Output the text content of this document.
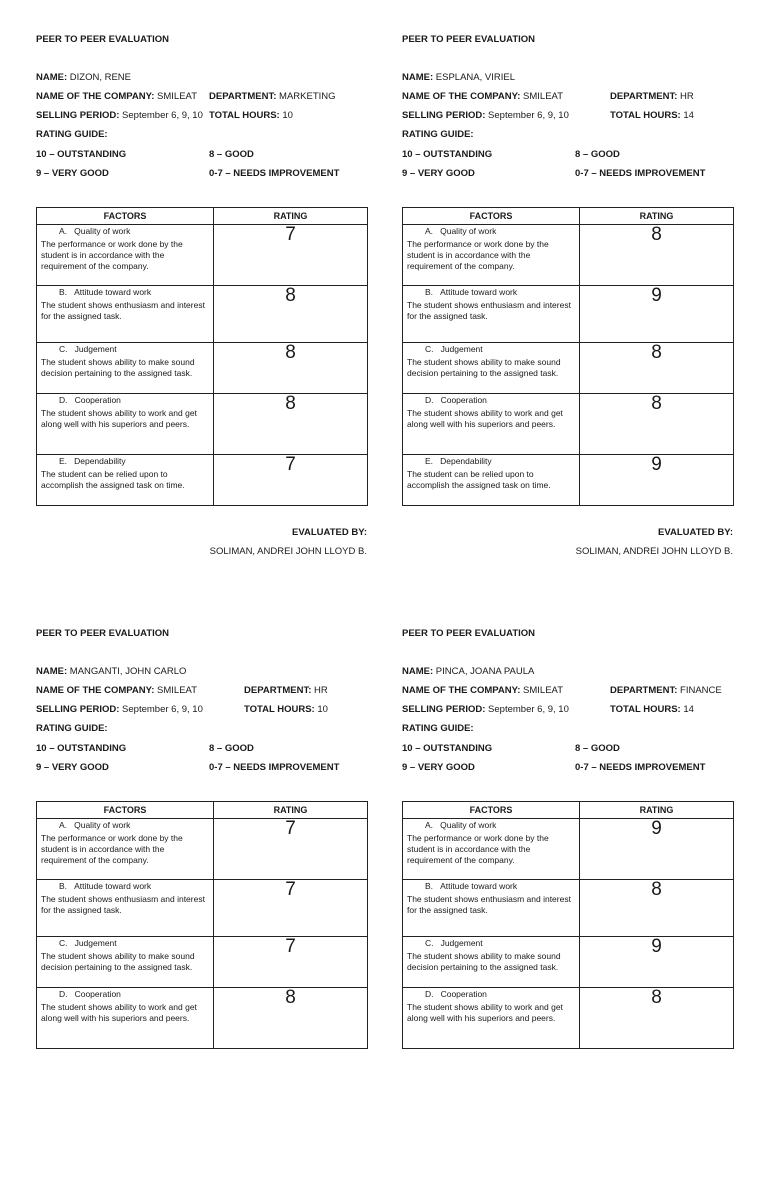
PEER TO PEER EVALUATION
NAME: DIZON, RENE
NAME OF THE COMPANY: SMILEAT DEPARTMENT: MARKETING
SELLING PERIOD: September 6, 9, 10 TOTAL HOURS: 10
RATING GUIDE:
10 – OUTSTANDING	8 – GOOD
9 – VERY GOOD	0-7 – NEEDS IMPROVEMENT
FACTORS	RATING

A.   Quality of work
The performance or work done by the student is in accordance with the requirement of the company.	7

B.   Attitude toward work
The student shows enthusiasm and interest for the assigned task.	8

C.   Judgement
The student shows ability to make sound decision pertaining to the assigned task.	8

D.   Cooperation
The student shows ability to work and get along well with his superiors and peers.	8

E.   Dependability
The student can be relied upon to accomplish the assigned task on time.	7
EVALUATED BY:
SOLIMAN, ANDREI JOHN LLOYD B.
PEER TO PEER EVALUATION
NAME: ESPLANA, VIRIEL
NAME OF THE COMPANY: SMILEAT	DEPARTMENT: HR
SELLING PERIOD: September 6, 9, 10	TOTAL HOURS: 14
RATING GUIDE:
10 – OUTSTANDING	8 – GOOD
9 – VERY GOOD	0-7 – NEEDS IMPROVEMENT
FACTORS	RATING

A.   Quality of work
The performance or work done by the student is in accordance with the requirement of the company.	8

B.   Attitude toward work
The student shows enthusiasm and interest for the assigned task.	9

C.   Judgement
The student shows ability to make sound decision pertaining to the assigned task.	8

D.   Cooperation
The student shows ability to work and get along well with his superiors and peers.	8

E.   Dependability
The student can be relied upon to accomplish the assigned task on time.	9
EVALUATED BY:
SOLIMAN, ANDREI JOHN LLOYD B.
PEER TO PEER EVALUATION
NAME: MANGANTI, JOHN CARLO
NAME OF THE COMPANY: SMILEAT	DEPARTMENT: HR
SELLING PERIOD: September 6, 9, 10	TOTAL HOURS: 10
RATING GUIDE:
10 – OUTSTANDING	8 – GOOD
9 – VERY GOOD	0-7 – NEEDS IMPROVEMENT
FACTORS	RATING

A.   Quality of work
The performance or work done by the student is in accordance with the requirement of the company.	7

B.   Attitude toward work
The student shows enthusiasm and interest for the assigned task.	7

C.   Judgement
The student shows ability to make sound decision pertaining to the assigned task.	7

D.   Cooperation
The student shows ability to work and get along well with his superiors and peers.	8
PEER TO PEER EVALUATION
NAME: PINCA, JOANA PAULA
NAME OF THE COMPANY: SMILEAT	DEPARTMENT: FINANCE
SELLING PERIOD: September 6, 9, 10	TOTAL HOURS: 14
RATING GUIDE:
10 – OUTSTANDING	8 – GOOD
9 – VERY GOOD	0-7 – NEEDS IMPROVEMENT
FACTORS	RATING

A.   Quality of work
The performance or work done by the student is in accordance with the requirement of the company.	9

B.   Attitude toward work
The student shows enthusiasm and interest for the assigned task.	8

C.   Judgement
The student shows ability to make sound decision pertaining to the assigned task.	9

D.   Cooperation
The student shows ability to work and get along well with his superiors and peers.	8
